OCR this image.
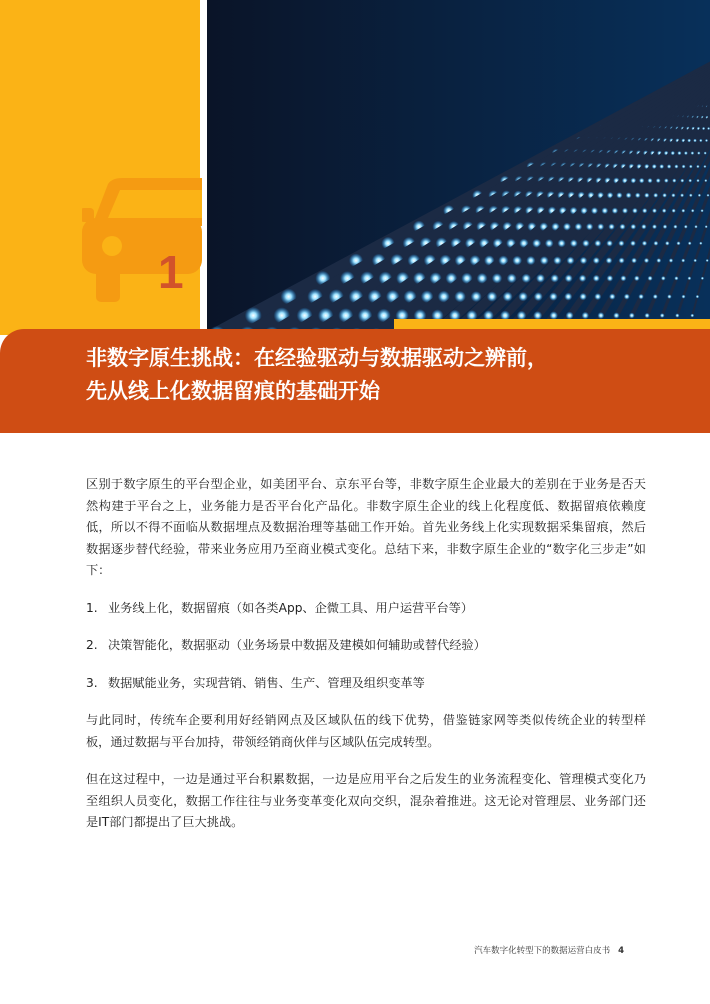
1
非数字原生挑战：在经验驱动与数据驱动之辨前，
先从线上化数据留痕的基础开始

区别于数字原生的平台型企业，如美团平台、京东平台等，非数字原生企业最大的差别在于业务是否天然构建于平台之上，业务能力是否平台化产品化。非数字原生企业的线上化程度低、数据留痕依赖度低，所以不得不面临从数据埋点及数据治理等基础工作开始。首先业务线上化实现数据采集留痕，然后数据逐步替代经验，带来业务应用乃至商业模式变化。总结下来，非数字原生企业的“数字化三步走”如下：

1. 业务线上化，数据留痕（如各类App、企微工具、用户运营平台等）
2. 决策智能化，数据驱动（业务场景中数据及建模如何辅助或替代经验）
3. 数据赋能业务，实现营销、销售、生产、管理及组织变革等

与此同时，传统车企要利用好经销网点及区域队伍的线下优势，借鉴链家网等类似传统企业的转型样板，通过数据与平台加持，带领经销商伙伴与区域队伍完成转型。

但在这过程中，一边是通过平台积累数据，一边是应用平台之后发生的业务流程变化、管理模式变化乃至组织人员变化，数据工作往往与业务变革变化双向交织，混杂着推进。这无论对管理层、业务部门还是IT部门都提出了巨大挑战。

汽车数字化转型下的数据运营白皮书 4
